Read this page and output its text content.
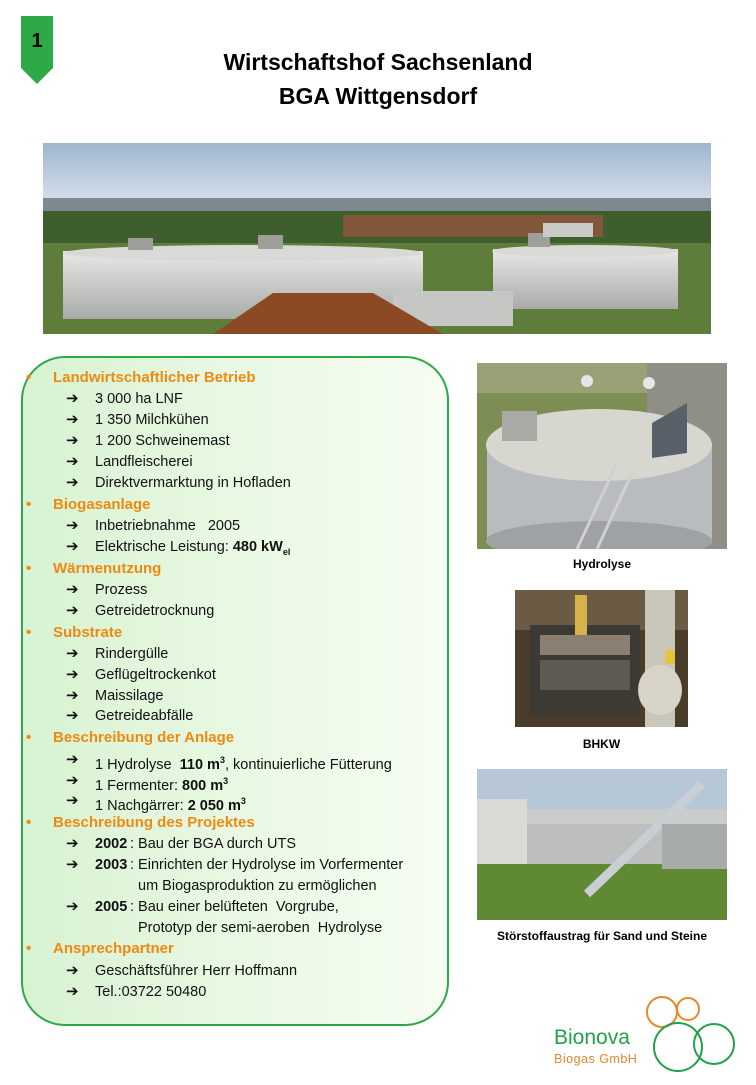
1
Wirtschaftshof Sachsenland
BGA Wittgensdorf
• Landwirtschaftlicher Betrieb
➔ 3 000 ha LNF
➔ 1 350 Milchkühen
➔ 1 200 Schweinemast
➔ Landfleischerei
➔ Direktvermarktung in Hofladen
• Biogasanlage
➔ Inbetriebnahme   2005
➔ Elektrische Leistung: 480 $kW_{el}$
• Wärmenutzung
➔ Prozess
➔ Getreidetrocknung
• Substrate
➔ Rindergülle
➔ Geflügeltrockenkot
➔ Maissilage
➔ Getreideabfälle
• Beschreibung der Anlage
➔ 1 Hydrolyse  110 $m^3$, kontinuierliche Fütterung
➔ 1 Fermenter: 800 $m^3$
➔ 1 Nachgärrer: 2 050 $m^3$
• Beschreibung des Projektes
➔ 2002 : Bau der BGA durch UTS
➔ 2003 : Einrichten der Hydrolyse im Vorfermenter
um Biogasproduktion zu ermöglichen
➔ 2005 : Bau einer belüfteten  Vorgrube,
Prototyp der semi-aeroben  Hydrolyse
• Ansprechpartner
➔ Geschäftsführer Herr Hoffmann
➔ Tel.:03722 50480
Hydrolyse
BHKW
Störstoffaustrag für Sand und Steine
Bionova
Biogas GmbH
